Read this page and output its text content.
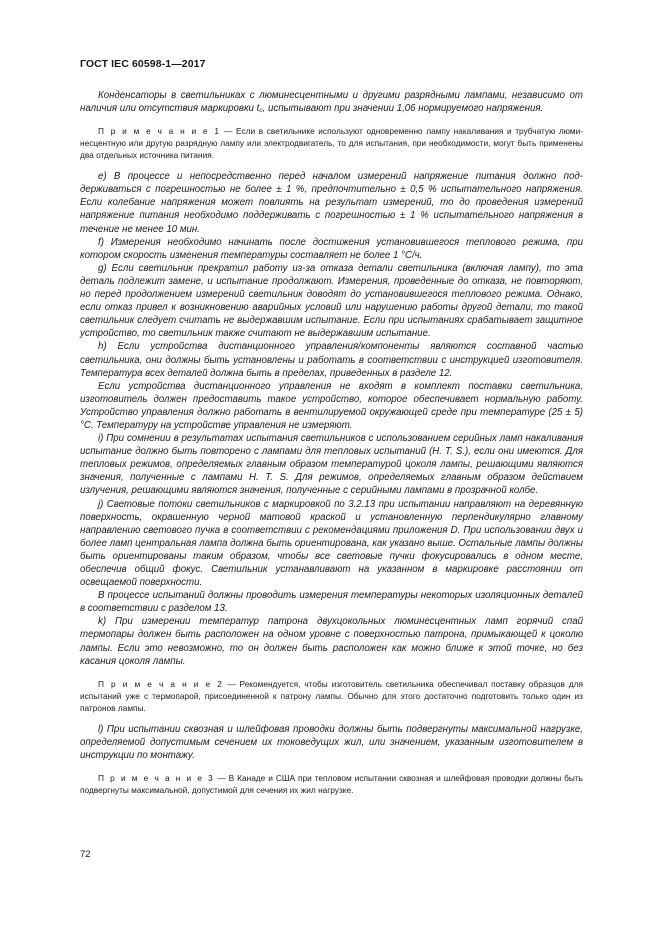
ГОСТ IEC 60598-1—2017

Конденсаторы в светильниках с люминесцентными и другими разрядными лампами, независимо от наличия или отсутствия маркировки $t_с$, испытывают при значении 1,06 нормируемого напряжения.

П р и м е ч а н и е 1 — Если в светильнике используют одновременно лампу накаливания и трубчатую люминесцентную или другую разрядную лампу или электродвигатель, то для испытания, при необходимости, могут быть применены два отдельных источника питания.

e) В процессе и непосредственно перед началом измерений напряжение питания должно поддерживаться с погрешностью не более ± 1 %, предпочтительно ± 0,5 % испытательного напряжения. Если колебание напряжения может повлиять на результат измерений, то до проведения измерений напряжение питания необходимо поддерживать с погрешностью ± 1 % испытательного напряжения в течение не менее 10 мин.

f) Измерения необходимо начинать после достижения установившегося теплового режима, при котором скорость изменения температуры составляет не более 1 °С/ч.

g) Если светильник прекратил работу из-за отказа детали светильника (включая лампу), то эта деталь подлежит замене, и испытание продолжают. Измерения, проведенные до отказа, не повторяют, но перед продолжением измерений светильник доводят до установившегося теплового режима. Однако, если отказ привел к возникновению аварийных условий или нарушению работы другой детали, то такой светильник следует считать не выдержавшим испытание. Если при испытаниях срабатывает защитное устройство, то светильник также считают не выдержавшим испытание.

h) Если устройства дистанционного управления/компоненты являются составной частью светильника, они должны быть установлены и работать в соответствии с инструкцией изготовителя. Температура всех деталей должна быть в пределах, приведенных в разделе 12.

Если устройства дистанционного управления не входят в комплект поставки светильника, изготовитель должен предоставить такое устройство, которое обеспечивает нормальную работу. Устройство управления должно работать в вентилируемой окружающей среде при температуре (25 ± 5) °С. Температуру на устройстве управления не измеряют.

i) При сомнении в результатах испытания светильников с использованием серийных ламп накаливания испытание должно быть повторено с лампами для тепловых испытаний (Н. Т. S.), если они имеются. Для тепловых режимов, определяемых главным образом температурой цоколя лампы, решающими являются значения, полученные с лампами Н. Т. S. Для режимов, определяемых главным образом действием излучения, решающими являются значения, полученные с серийными лампами в прозрачной колбе.

j) Световые потоки светильников с маркировкой по 3.2.13 при испытании направляют на деревянную поверхность, окрашенную черной матовой краской и установленную перпендикулярно главному направлению светового пучка в соответствии с рекомендациями приложения D. При использовании двух и более ламп центральная лампа должна быть ориентирована, как указано выше. Остальные лампы должны быть ориентированы таким образом, чтобы все световые пучки фокусировались в одном месте, обеспечив общий фокус. Светильник устанавливают на указанном в маркировке расстоянии от освещаемой поверхности.

В процессе испытаний должны проводить измерения температуры некоторых изоляционных деталей в соответствии с разделом 13.

k) При измерении температур патрона двухцокольных люминесцентных ламп горячий спай термопары должен быть расположен на одном уровне с поверхностью патрона, примыкающей к цоколю лампы. Если это невозможно, то он должен быть расположен как можно ближе к этой точке, но без касания цоколя лампы.

П р и м е ч а н и е 2 — Рекомендуется, чтобы изготовитель светильника обеспечивал поставку образцов для испытаний уже с термопарой, присоединенной к патрону лампы. Обычно для этого достаточно подготовить только один из патронов лампы.

l) При испытании сквозная и шлейфовая проводки должны быть подвергнуты максимальной нагрузке, определяемой допустимым сечением их токоведущих жил, или значением, указанным изготовителем в инструкции по монтажу.

П р и м е ч а н и е 3 — В Канаде и США при тепловом испытании сквозная и шлейфовая проводки должны быть подвергнуты максимальной, допустимой для сечения их жил нагрузке.

72
